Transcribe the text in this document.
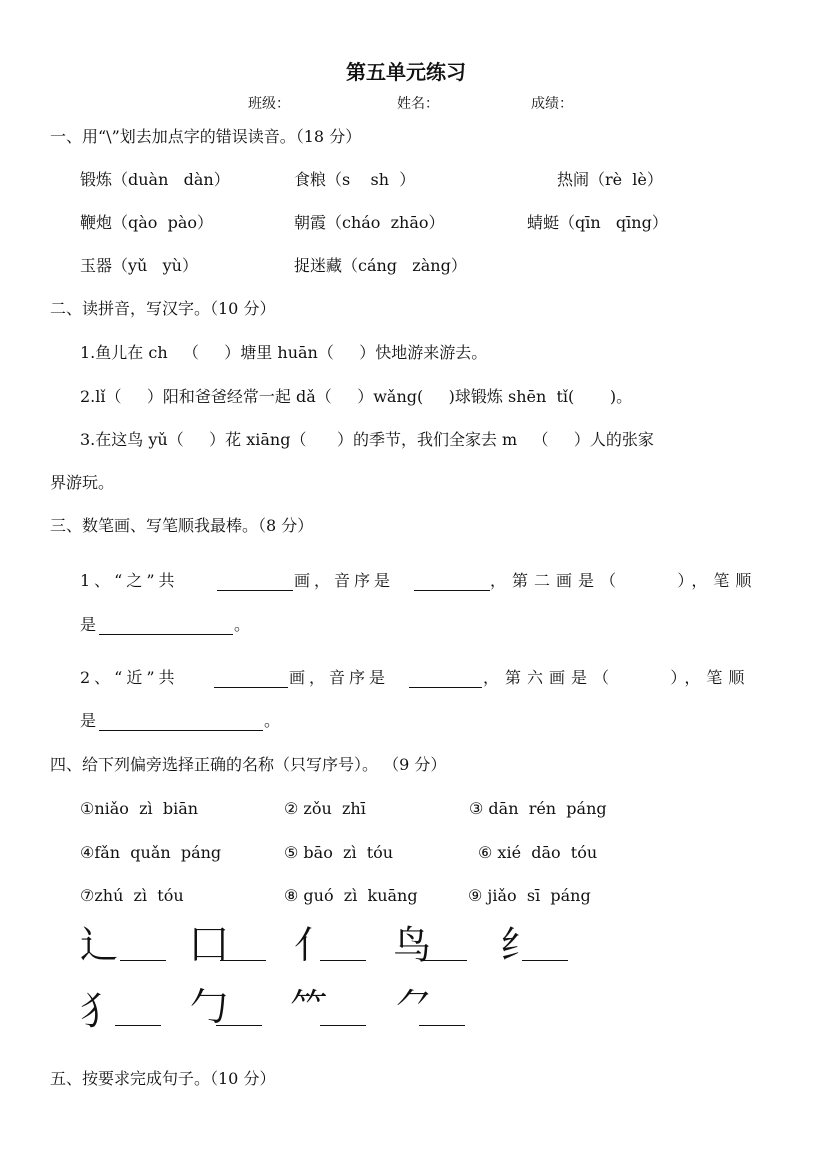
第五单元练习
班级：	姓名：	成绩：
一、用“\”划去加点字的错误读音。（18 分）
锻炼（duàn   dàn）	食粮（s    sh  ）	热闹（rè  lè）
鞭炮（qào  pào）	朝霞（cháo  zhāo）	蜻蜓（qīn   qīng）
玉器（yǔ   yù）	捉迷藏（cáng   zàng）
二、读拼音，写汉字。（10 分）
1.鱼儿在 ch   （     ）塘里 huān（     ）快地游来游去。
2.lǐ（     ）阳和爸爸经常一起 dǎ（     ）wǎng(     )球锻炼 shēn  tǐ(       )。
3.在这鸟 yǔ（     ）花 xiāng（      ）的季节，我们全家去 m   （     ）人的张家
界游玩。
三、数笔画、写笔顺我最棒。（8 分）
1、“之”共	画，音序是	，第二画是（     ），笔顺
是	。
2、“近”共	画，音序是	，第六画是（     ），笔顺
是	。
四、给下列偏旁选择正确的名称（只写序号）。 （9 分）
①niǎo  zì  biān	② zǒu  zhī	③ dān  rén  páng
④fǎn  quǎn  páng	⑤ bāo  zì  tóu	⑥ xié  dāo  tóu
⑦zhú  zì  tóu	⑧ guó  zì  kuāng	⑨ jiǎo  sī  páng
辶 囗 亻 鸟 纟
犭 勹 ⺮ ⺈
五、按要求完成句子。（10 分）
